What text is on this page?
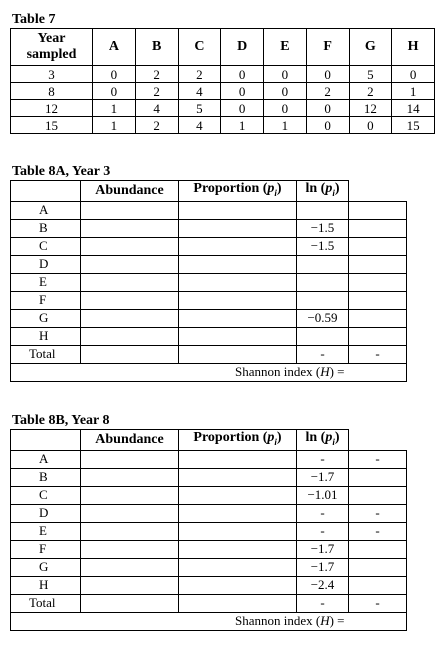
Table 7
Year sampled	A	B	C	D	E	F	G	H
3	0	2	2	0	0	0	5	0
8	0	2	4	0	0	2	2	1
12	1	4	5	0	0	0	12	14
15	1	2	4	1	1	0	0	15
Table 8A, Year 3
	Abundance	Proportion $(p_i)$	$\ln (p_i)$	
A				
B			−1.5	
C			−1.5	
D				
E				
F				
G			−0.59	
H				
Total			-	-
Shannon index (H) =				
Table 8B, Year 8
	Abundance	Proportion $(p_i)$	$\ln (p_i)$	
A			-	-
B			−1.7	
C			−1.01	
D			-	-
E			-	-
F			−1.7	
G			−1.7	
H			−2.4	
Total			-	-
Shannon index (H) =				
